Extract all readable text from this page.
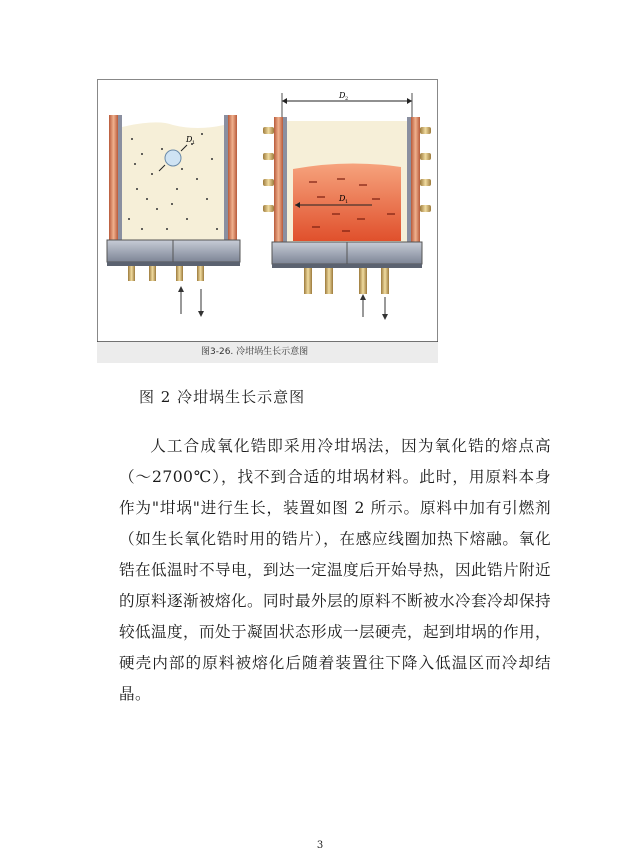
D 1
D 2
D 1
图3-26. 冷坩埚生长示意图
图 2 冷坩埚生长示意图

人工合成氧化锆即采用冷坩埚法，因为氧化锆的熔点高（～2700℃），找不到合适的坩埚材料。此时，用原料本身作为"坩埚"进行生长，装置如图 2 所示。原料中加有引燃剂（如生长氧化锆时用的锆片），在感应线圈加热下熔融。氧化锆在低温时不导电，到达一定温度后开始导热，因此锆片附近的原料逐渐被熔化。同时最外层的原料不断被水冷套冷却保持较低温度，而处于凝固状态形成一层硬壳，起到坩埚的作用，硬壳内部的原料被熔化后随着装置往下降入低温区而冷却结晶。

3
